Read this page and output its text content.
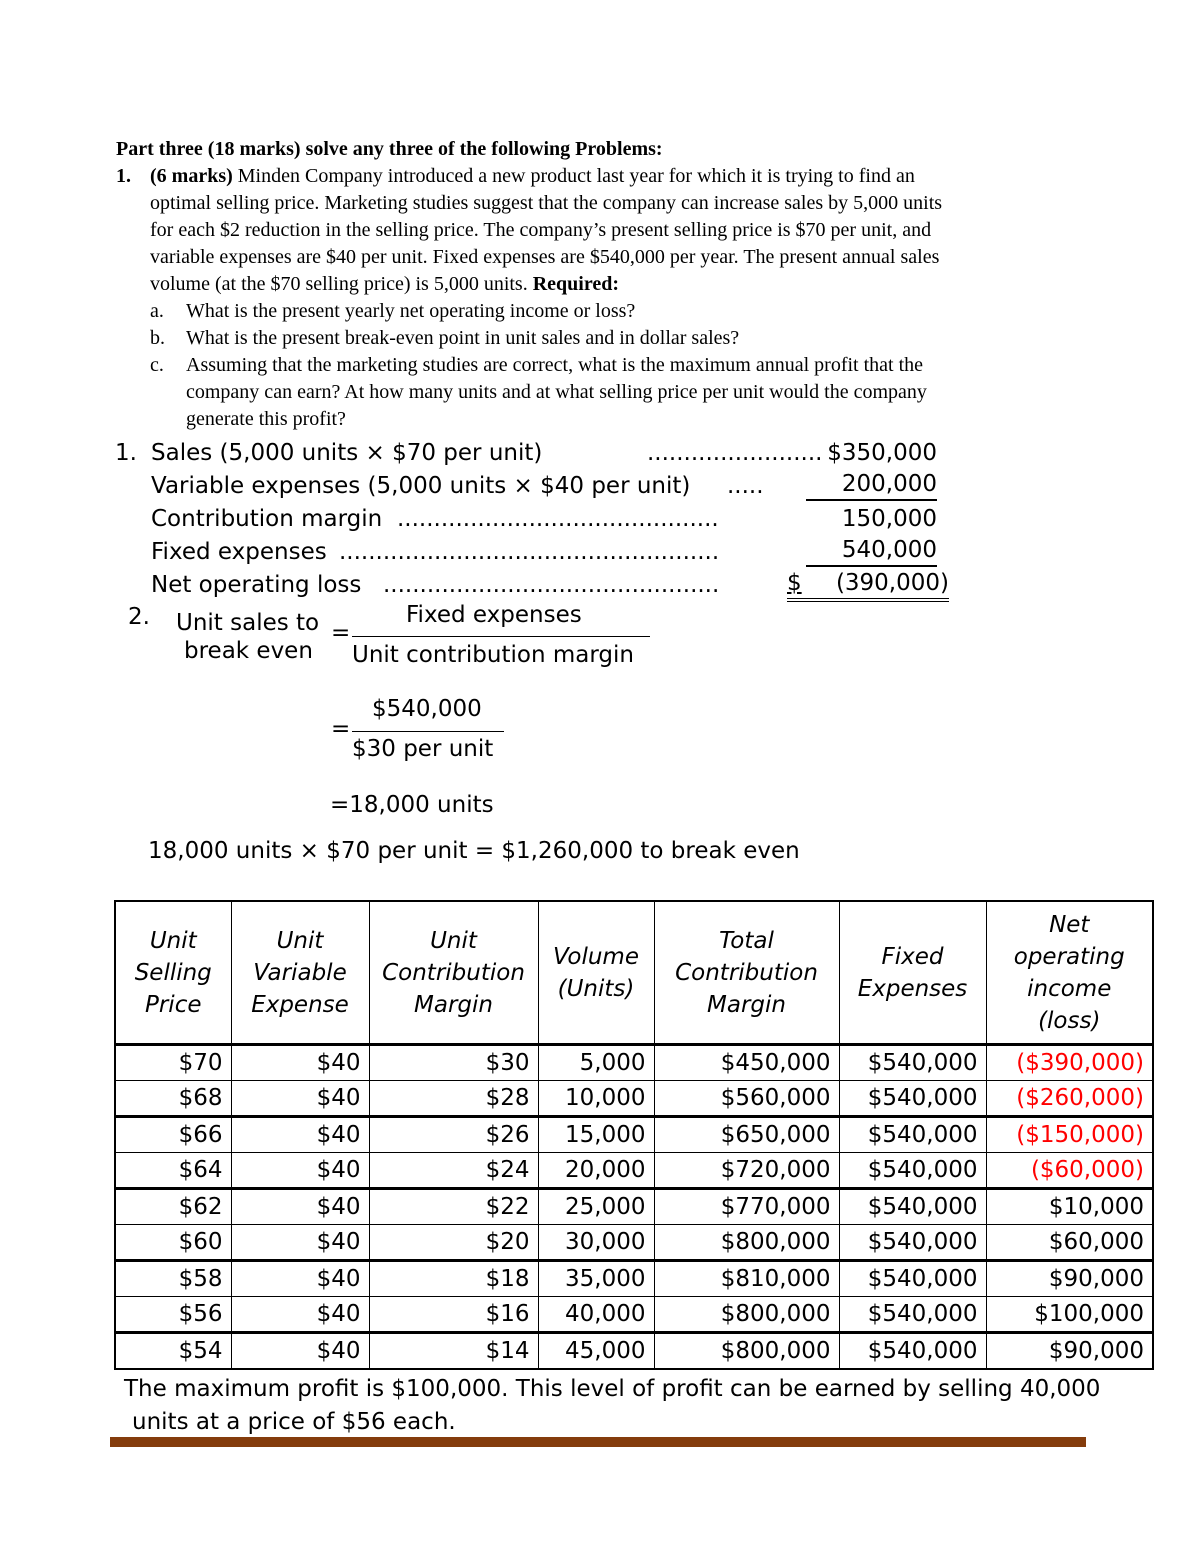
Part three (18 marks) solve any three of the following Problems:

1. (6 marks) Minden Company introduced a new product last year for which it is trying to find an
optimal selling price. Marketing studies suggest that the company can increase sales by 5,000 units
for each $2 reduction in the selling price. The company’s present selling price is $70 per unit, and
variable expenses are $40 per unit. Fixed expenses are $540,000 per year. The present annual sales
volume (at the $70 selling price) is 5,000 units. Required:
a. What is the present yearly net operating income or loss?
b. What is the present break-even point in unit sales and in dollar sales?
c. Assuming that the marketing studies are correct, what is the maximum annual profit that the
company can earn? At how many units and at what selling price per unit would the company
generate this profit?
1. Sales (5,000 units × $70 per unit)	........................ $350,000
Variable expenses (5,000 units × $40 per unit) .....	200,000
Contribution margin ............................................	150,000
Fixed expenses ....................................................	540,000
Net operating loss ..............................................	$ (390,000)
2. Unit sales to
break even
=
Fixed expenses
Unit contribution margin
=
$540,000
$30 per unit
=18,000 units
18,000 units × $70 per unit = $1,260,000 to break even
Unit
Selling
Price	Unit
Variable
Expense	Unit
Contribution
Margin	Volume
(Units)	Total
Contribution
Margin	Fixed
Expenses	Net
operating
income
(loss)
$70	$40	$30	5,000	$450,000	$540,000	($390,000)
$68	$40	$28	10,000	$560,000	$540,000	($260,000)
$66	$40	$26	15,000	$650,000	$540,000	($150,000)
$64	$40	$24	20,000	$720,000	$540,000	($60,000)
$62	$40	$22	25,000	$770,000	$540,000	$10,000
$60	$40	$20	30,000	$800,000	$540,000	$60,000
$58	$40	$18	35,000	$810,000	$540,000	$90,000
$56	$40	$16	40,000	$800,000	$540,000	$100,000
$54	$40	$14	45,000	$800,000	$540,000	$90,000
The maximum profit is $100,000. This level of profit can be earned by selling 40,000
units at a price of $56 each.
